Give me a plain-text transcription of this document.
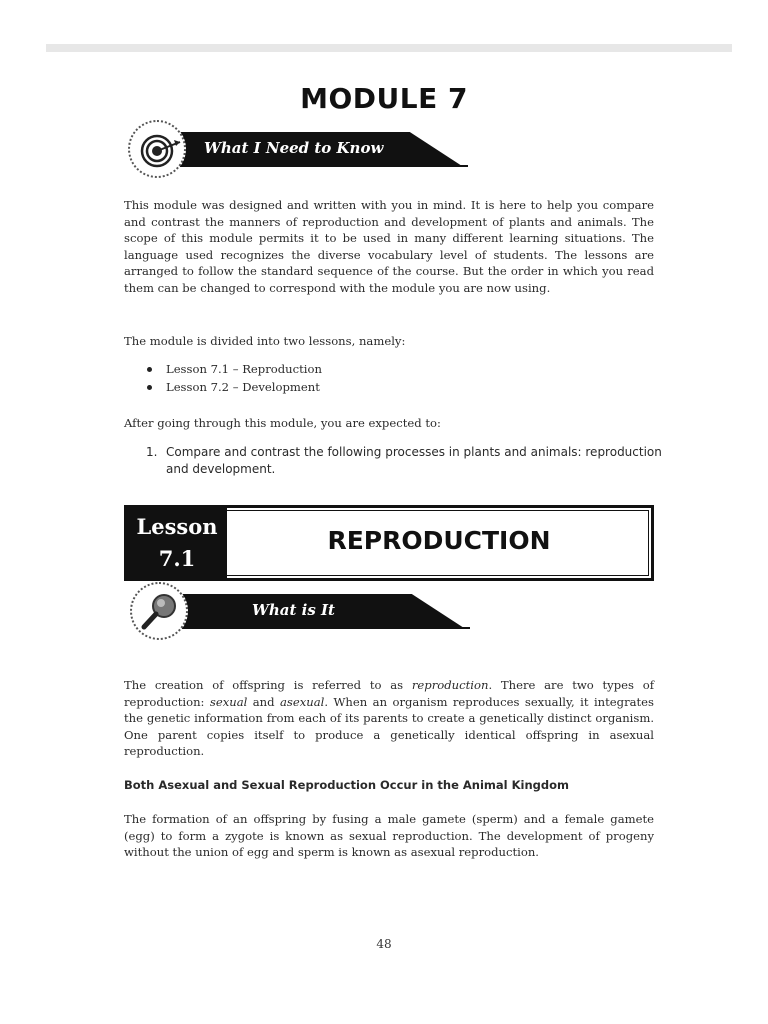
MODULE 7
What I Need to Know

This module was designed and written with you in mind. It is here to help you compare and contrast the manners of reproduction and development of plants and animals. The scope of this module permits it to be used in many different learning situations. The language used recognizes the diverse vocabulary level of students. The lessons are arranged to follow the standard sequence of the course. But the order in which you read them can be changed to correspond with the module you are now using.

The module is divided into two lessons, namely:

Lesson 7.1 – Reproduction
Lesson 7.2 – Development

After going through this module, you are expected to:

1. Compare and contrast the following processes in plants and animals: reproduction and development.
Lesson
7.1
REPRODUCTION
What is It

The creation of offspring is referred to as reproduction. There are two types of reproduction: sexual and asexual. When an organism reproduces sexually, it integrates the genetic information from each of its parents to create a genetically distinct organism. One parent copies itself to produce a genetically identical offspring in asexual reproduction.

Both Asexual and Sexual Reproduction Occur in the Animal Kingdom

The formation of an offspring by fusing a male gamete (sperm) and a female gamete (egg) to form a zygote is known as sexual reproduction. The development of progeny without the union of egg and sperm is known as asexual reproduction.

48
